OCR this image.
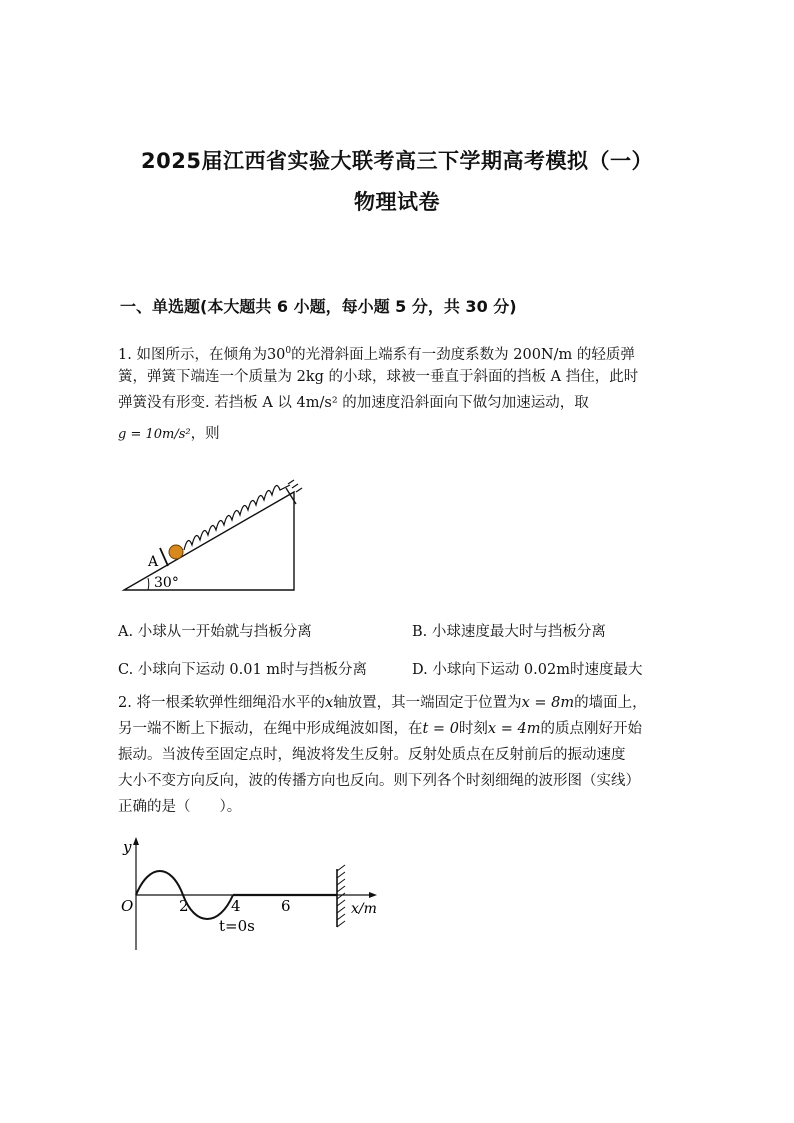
2025届江西省实验大联考高三下学期高考模拟（一）
物理试卷
一、单选题(本大题共 6 小题，每小题 5 分，共 30 分)
1. 如图所示，在倾角为$30^0$的光滑斜面上端系有一劲度系数为 200N/m 的轻质弹
簧，弹簧下端连一个质量为 2kg 的小球，球被一垂直于斜面的挡板 A 挡住，此时
弹簧没有形变. 若挡板 A 以 4m/s² 的加速度沿斜面向下做匀加速运动，取
g = 10m/s²，则
A
30°
A. 小球从一开始就与挡板分离	B. 小球速度最大时与挡板分离
C. 小球向下运动 0.01 m时与挡板分离	D. 小球向下运动 0.02m时速度最大
2. 将一根柔软弹性细绳沿水平的x轴放置，其一端固定于位置为x = 8m的墙面上，
另一端不断上下振动，在绳中形成绳波如图，在t = 0时刻x = 4m的质点刚好开始
振动。当波传至固定点时，绳波将发生反射。反射处质点在反射前后的振动速度
大小不变方向反向，波的传播方向也反向。则下列各个时刻细绳的波形图（实线）
正确的是（　　）。
y
O	2	4	6	x/m
t=0s
